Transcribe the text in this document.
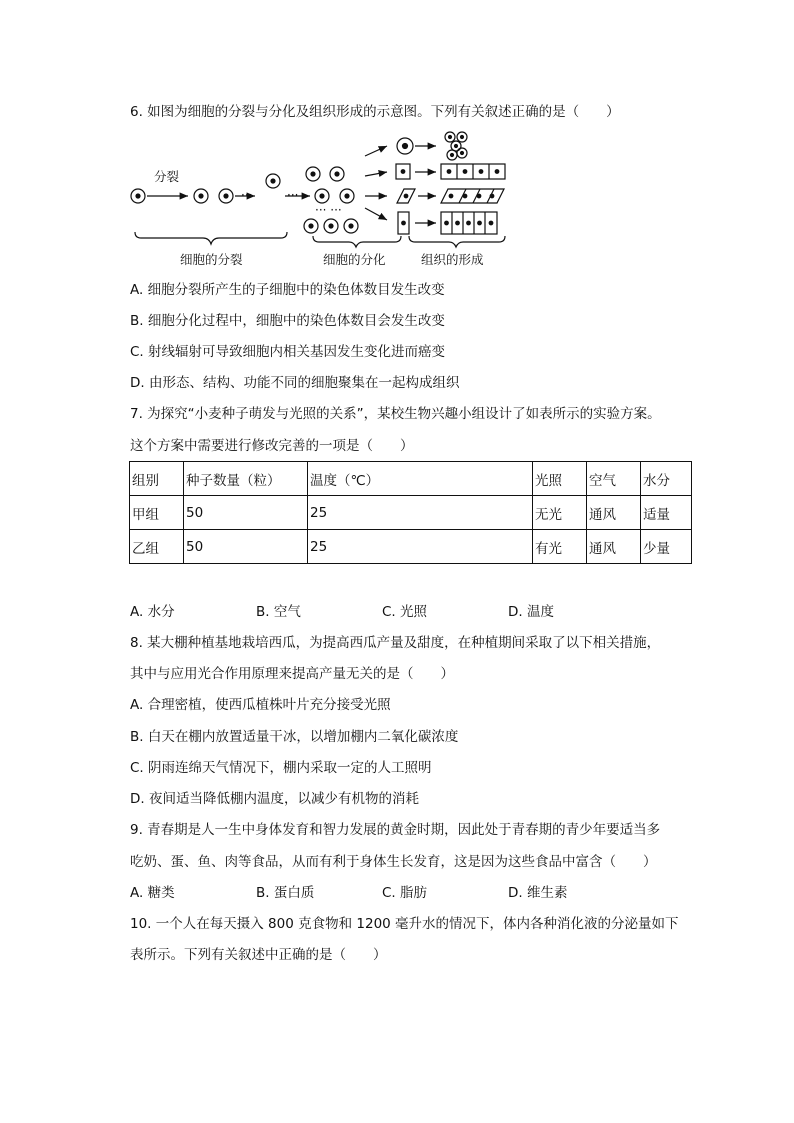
6. 如图为细胞的分裂与分化及组织形成的示意图。下列有关叙述正确的是（　　）
···	···
··· ···
分裂
细胞的分裂	细胞的分化	组织的形成
A. 细胞分裂所产生的子细胞中的染色体数目发生改变
B. 细胞分化过程中，细胞中的染色体数目会发生改变
C. 射线辐射可导致细胞内相关基因发生变化进而癌变
D. 由形态、结构、功能不同的细胞聚集在一起构成组织
7. 为探究“小麦种子萌发与光照的关系”，某校生物兴趣小组设计了如表所示的实验方案。
这个方案中需要进行修改完善的一项是（　　）
组别	种子数量（粒）	温度（℃）	光照	空气	水分
甲组	50	25	无光	通风	适量
乙组	50	25	有光	通风	少量
A. 水分	B. 空气	C. 光照	D. 温度
8. 某大棚种植基地栽培西瓜，为提高西瓜产量及甜度，在种植期间采取了以下相关措施，
其中与应用光合作用原理来提高产量无关的是（　　）
A. 合理密植，使西瓜植株叶片充分接受光照
B. 白天在棚内放置适量干冰，以增加棚内二氧化碳浓度
C. 阴雨连绵天气情况下，棚内采取一定的人工照明
D. 夜间适当降低棚内温度，以减少有机物的消耗
9. 青春期是人一生中身体发育和智力发展的黄金时期，因此处于青春期的青少年要适当多
吃奶、蛋、鱼、肉等食品，从而有利于身体生长发育，这是因为这些食品中富含（　　）
A. 糖类	B. 蛋白质	C. 脂肪	D. 维生素
10. 一个人在每天摄入 800 克食物和 1200 毫升水的情况下，体内各种消化液的分泌量如下
表所示。下列有关叙述中正确的是（　　）
